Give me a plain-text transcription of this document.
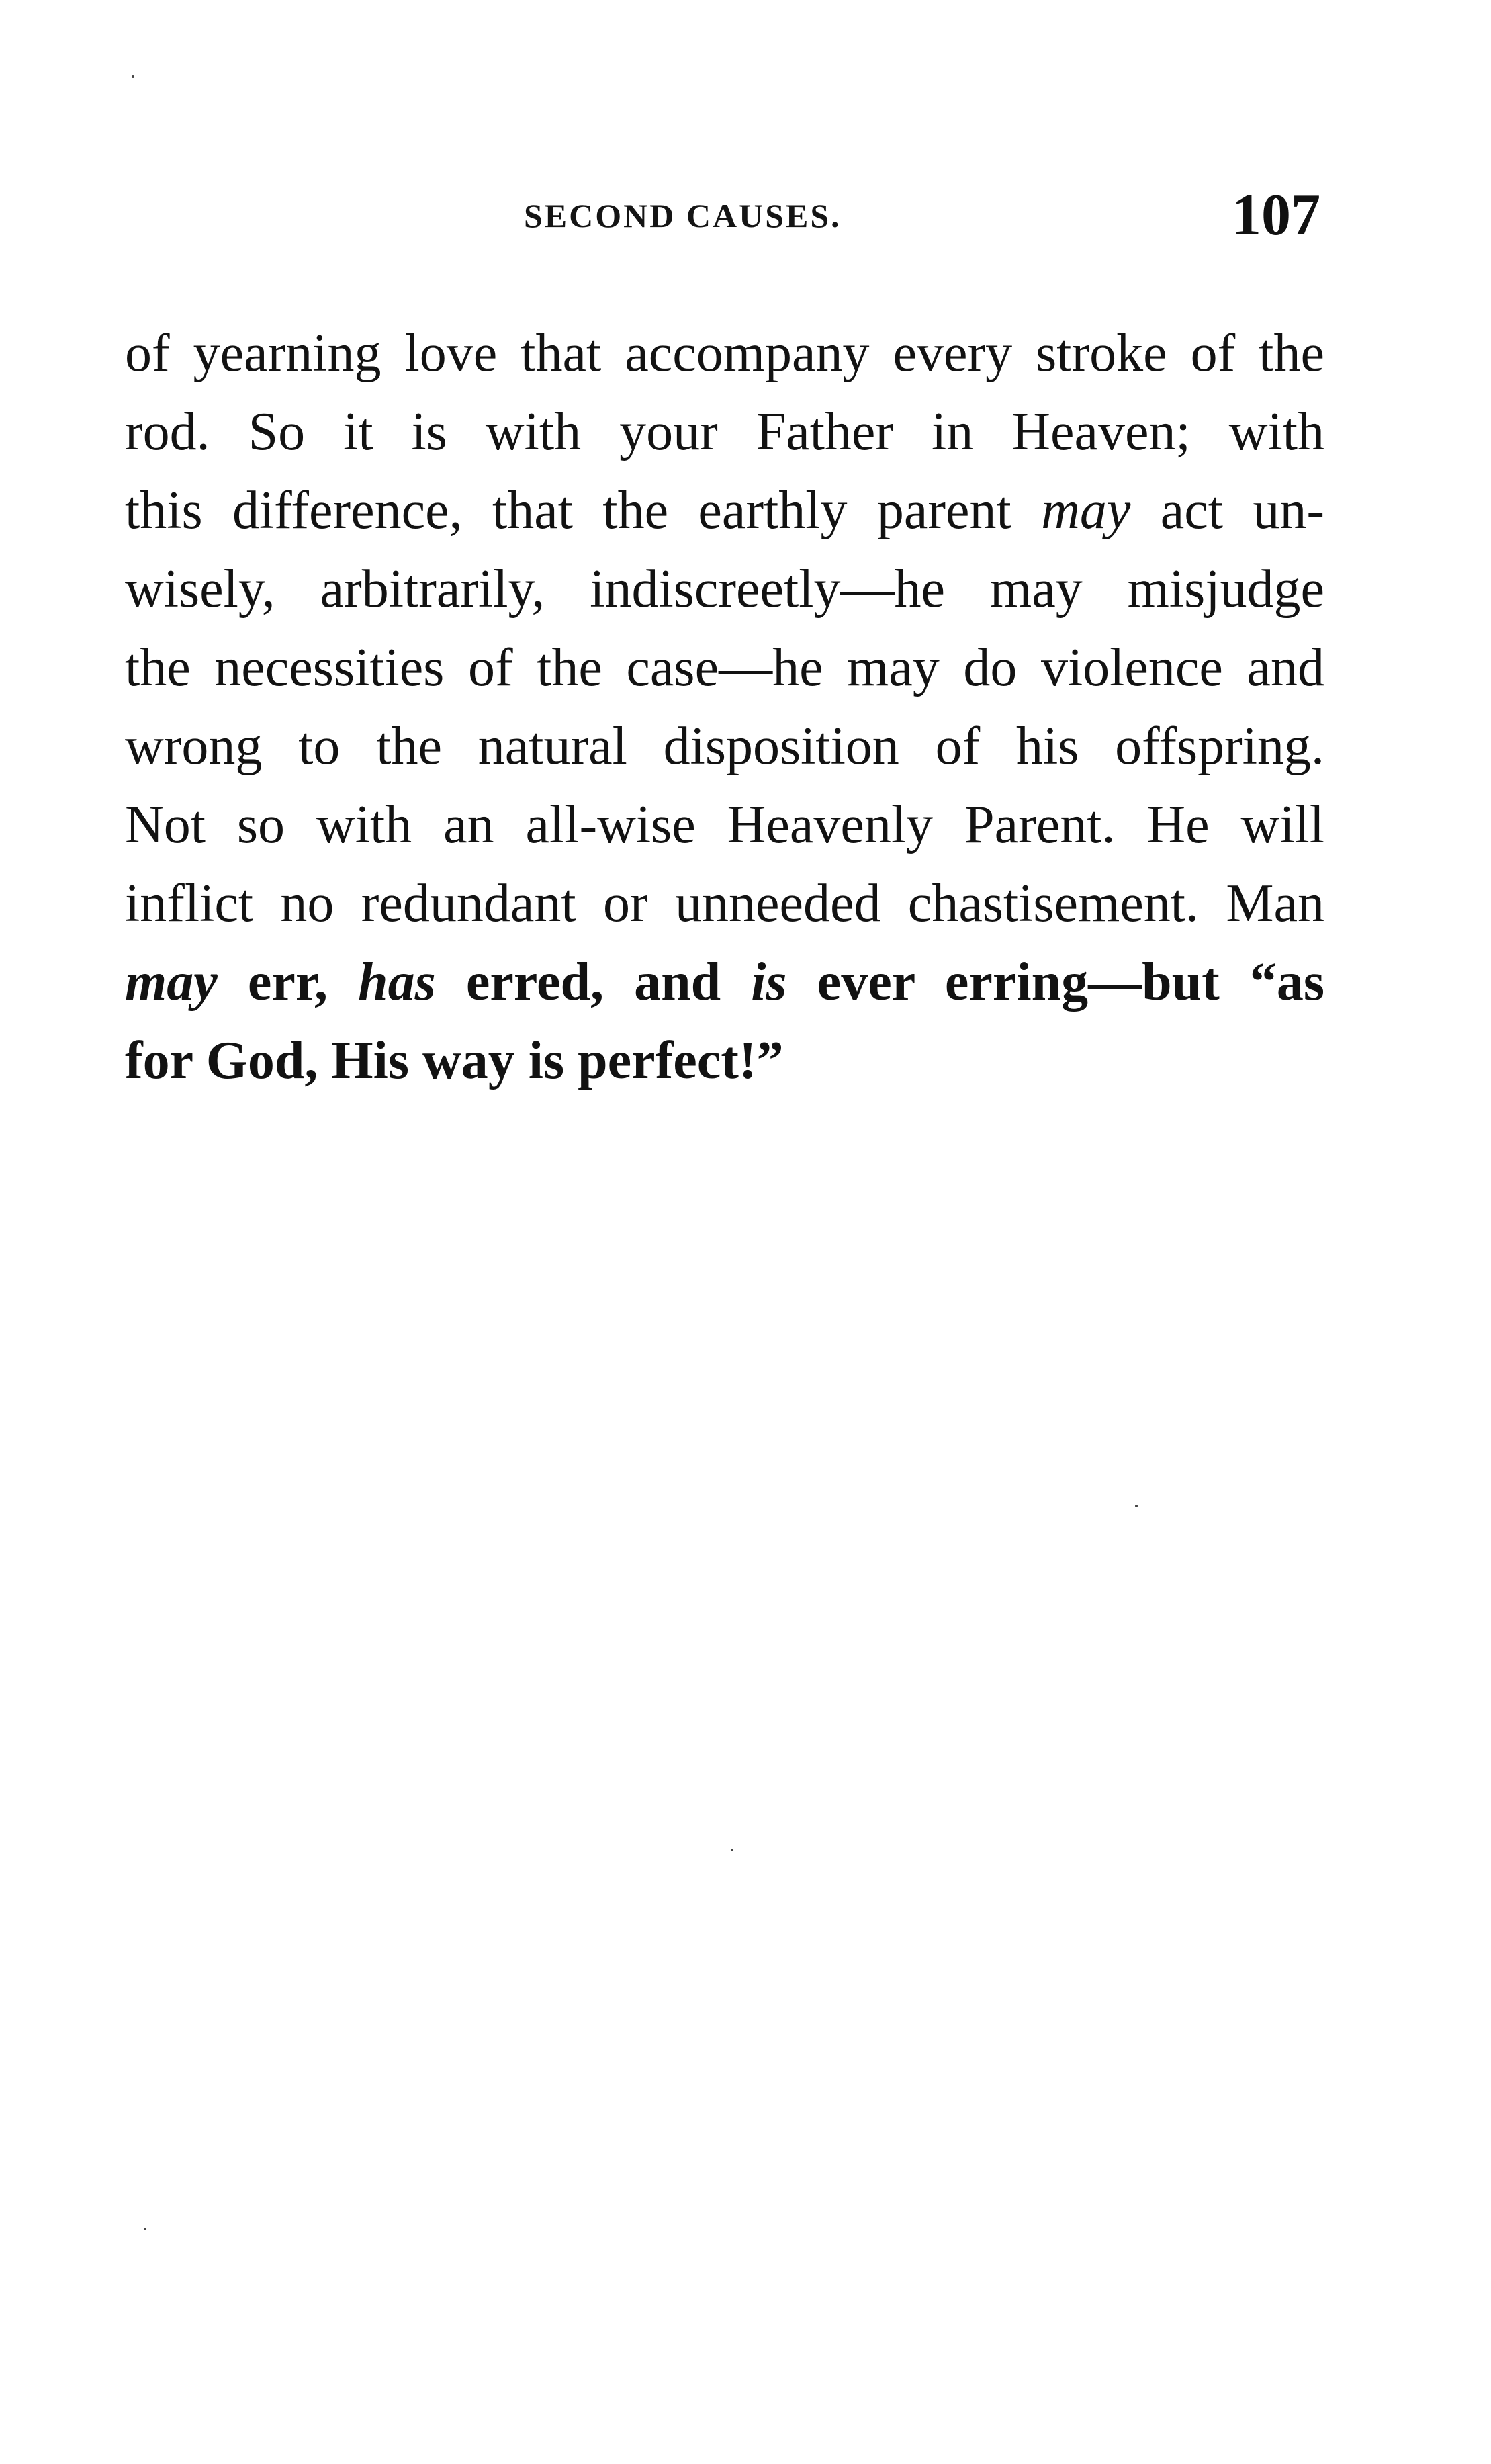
SECOND CAUSES.	107
of yearning love that accompany every stroke of the
rod. So it is with your Father in Heaven; with
this difference, that the earthly parent may act un-
wisely, arbitrarily, indiscreetly—he may misjudge
the necessities of the case—he may do violence and
wrong to the natural disposition of his offspring.
Not so with an all-wise Heavenly Parent. He will
inflict no redundant or unneeded chastisement. Man
may err, has erred, and is ever erring—but “as
for God, His way is perfect!”
